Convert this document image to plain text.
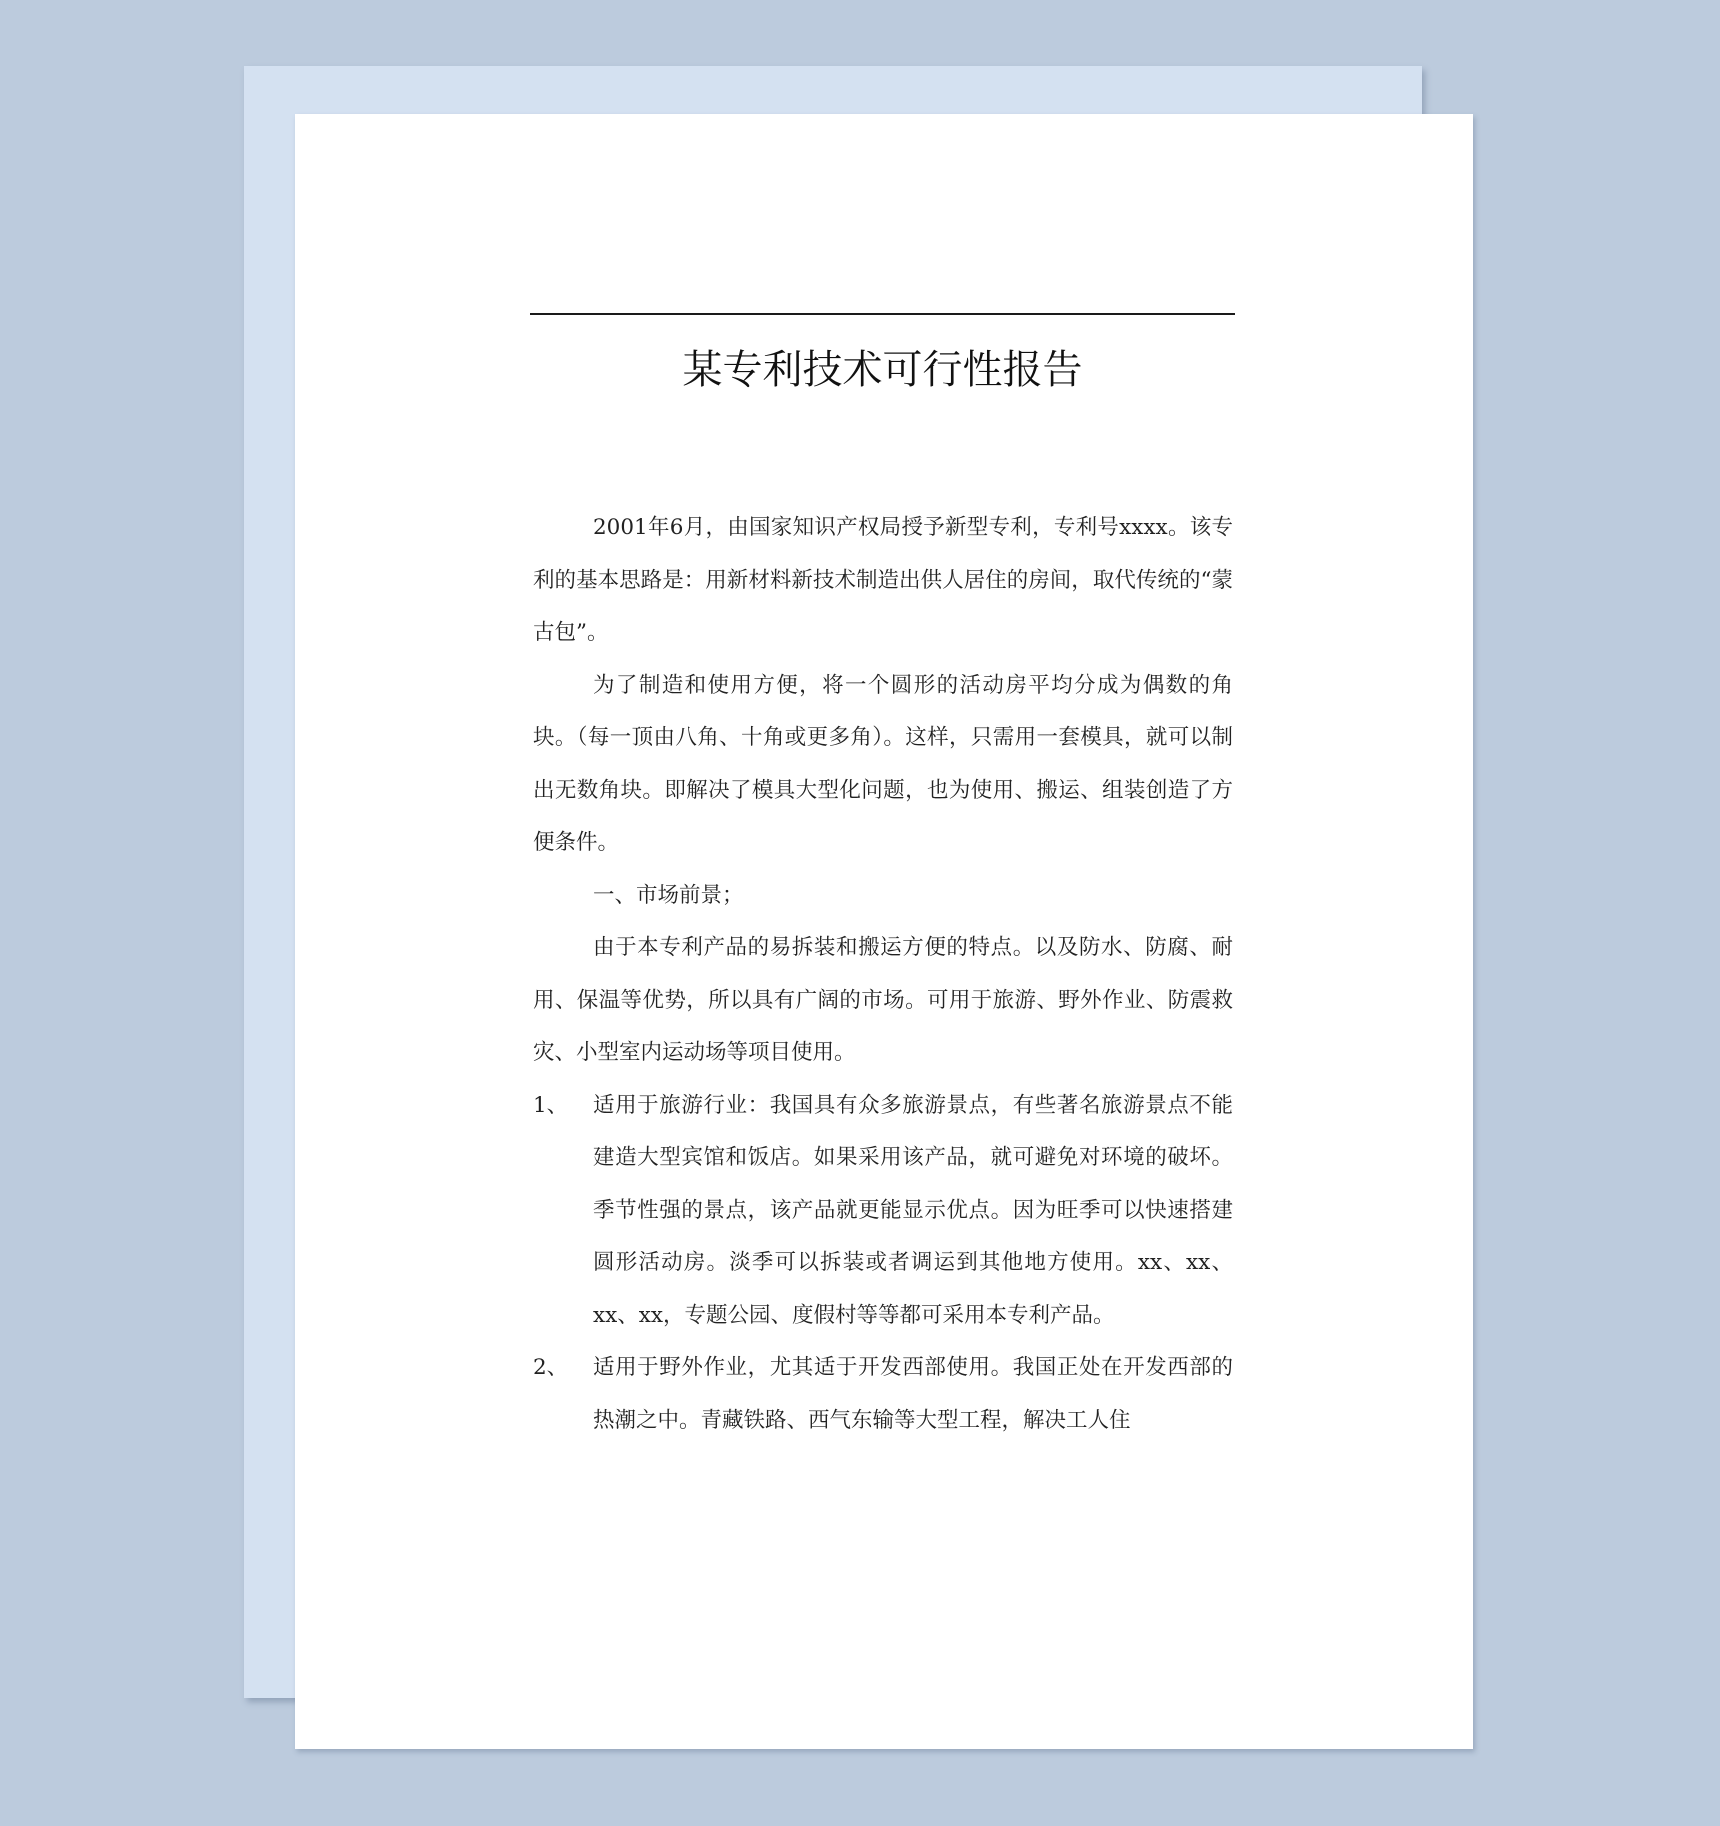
某专利技术可行性报告

2001年6月，由国家知识产权局授予新型专利，专利号xxxx。该专利的基本思路是：用新材料新技术制造出供人居住的房间，取代传统的“蒙古包”。

为了制造和使用方便，将一个圆形的活动房平均分成为偶数的角块。（每一顶由八角、十角或更多角）。这样，只需用一套模具，就可以制出无数角块。即解决了模具大型化问题，也为使用、搬运、组装创造了方便条件。

一、市场前景；

由于本专利产品的易拆装和搬运方便的特点。以及防水、防腐、耐用、保温等优势，所以具有广阔的市场。可用于旅游、野外作业、防震救灾、小型室内运动场等项目使用。

1、	适用于旅游行业：我国具有众多旅游景点，有些著名旅游景点不能建造大型宾馆和饭店。如果采用该产品，就可避免对环境的破坏。季节性强的景点，该产品就更能显示优点。因为旺季可以快速搭建圆形活动房。淡季可以拆装或者调运到其他地方使用。xx、xx、xx、xx，专题公园、度假村等等都可采用本专利产品。
2、	适用于野外作业，尤其适于开发西部使用。我国正处在开发西部的热潮之中。青藏铁路、西气东输等大型工程，解决工人住
